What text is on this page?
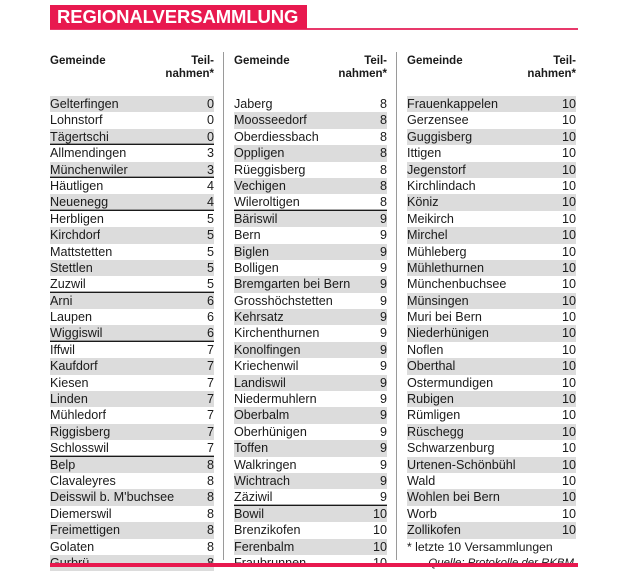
REGIONALVERSAMMLUNG
Gemeinde	Teil-
nahmen*
Gelterfingen	0
Lohnstorf	0
Tägertschi	0
Allmendingen	3
Münchenwiler	3
Häutligen	4
Neuenegg	4
Herbligen	5
Kirchdorf	5
Mattstetten	5
Stettlen	5
Zuzwil	5
Arni	6
Laupen	6
Wiggiswil	6
Iffwil	7
Kaufdorf	7
Kiesen	7
Linden	7
Mühledorf	7
Riggisberg	7
Schlosswil	7
Belp	8
Clavaleyres	8
Deisswil b. M'buchsee	8
Diemerswil	8
Freimettigen	8
Golaten	8
Gemeinde	Teil-
nahmen*
Jaberg	8
Moosseedorf	8
Oberdiessbach	8
Oppligen	8
Rüeggisberg	8
Vechigen	8
Wileroltigen	8
Bäriswil	9
Bern	9
Biglen	9
Bolligen	9
Bremgarten bei Bern	9
Grosshöchstetten	9
Kehrsatz	9
Kirchenthurnen	9
Konolfingen	9
Kriechenwil	9
Landiswil	9
Niedermuhlern	9
Oberbalm	9
Oberhünigen	9
Toffen	9
Walkringen	9
Wichtrach	9
Zäziwil	9
Bowil	10
Brenzikofen	10
Ferenbalm	10
Gemeinde	Teil-
nahmen*
Frauenkappelen	10
Gerzensee	10
Guggisberg	10
Ittigen	10
Jegenstorf	10
Kirchlindach	10
Köniz	10
Meikirch	10
Mirchel	10
Mühleberg	10
Mühlethurnen	10
Münchenbuchsee	10
Münsingen	10
Muri bei Bern	10
Niederhünigen	10
Noflen	10
Oberthal	10
Ostermundigen	10
Rubigen	10
Rümligen	10
Rüschegg	10
Schwarzenburg	10
Urtenen-Schönbühl	10
Wald	10
Wohlen bei Bern	10
Worb	10
Zollikofen	10
* letzte 10 Versammlungen
